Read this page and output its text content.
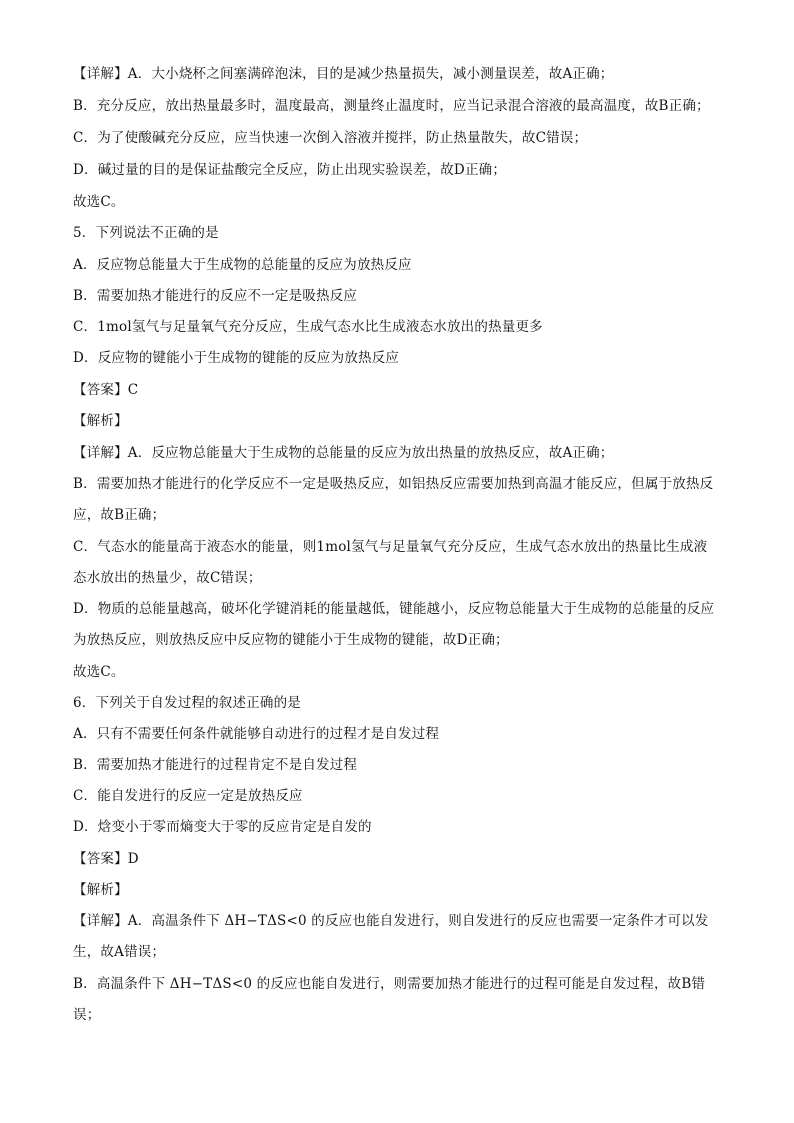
【详解】A．大小烧杯之间塞满碎泡沫，目的是减少热量损失，减小测量误差，故A正确；
B．充分反应，放出热量最多时，温度最高，测量终止温度时，应当记录混合溶液的最高温度，故B正确；
C．为了使酸碱充分反应，应当快速一次倒入溶液并搅拌，防止热量散失，故C错误；
D．碱过量的目的是保证盐酸完全反应，防止出现实验误差，故D正确；
故选C。
5．下列说法不正确的是
A．反应物总能量大于生成物的总能量的反应为放热反应
B．需要加热才能进行的反应不一定是吸热反应
C．1mol氢气与足量氧气充分反应，生成气态水比生成液态水放出的热量更多
D．反应物的键能小于生成物的键能的反应为放热反应
【答案】C
【解析】
【详解】A．反应物总能量大于生成物的总能量的反应为放出热量的放热反应，故A正确；
B．需要加热才能进行的化学反应不一定是吸热反应，如铝热反应需要加热到高温才能反应，但属于放热反
应，故B正确；
C．气态水的能量高于液态水的能量，则1mol氢气与足量氧气充分反应，生成气态水放出的热量比生成液
态水放出的热量少，故C错误；
D．物质的总能量越高，破坏化学键消耗的能量越低，键能越小，反应物总能量大于生成物的总能量的反应
为放热反应，则放热反应中反应物的键能小于生成物的键能，故D正确；
故选C。
6．下列关于自发过程的叙述正确的是
A．只有不需要任何条件就能够自动进行的过程才是自发过程
B．需要加热才能进行的过程肯定不是自发过程
C．能自发进行的反应一定是放热反应
D．焓变小于零而熵变大于零的反应肯定是自发的
【答案】D
【解析】
【详解】A．高温条件下 ΔH−TΔS<0 的反应也能自发进行，则自发进行的反应也需要一定条件才可以发
生，故A错误；
B．高温条件下 ΔH−TΔS<0 的反应也能自发进行，则需要加热才能进行的过程可能是自发过程，故B错
误；
